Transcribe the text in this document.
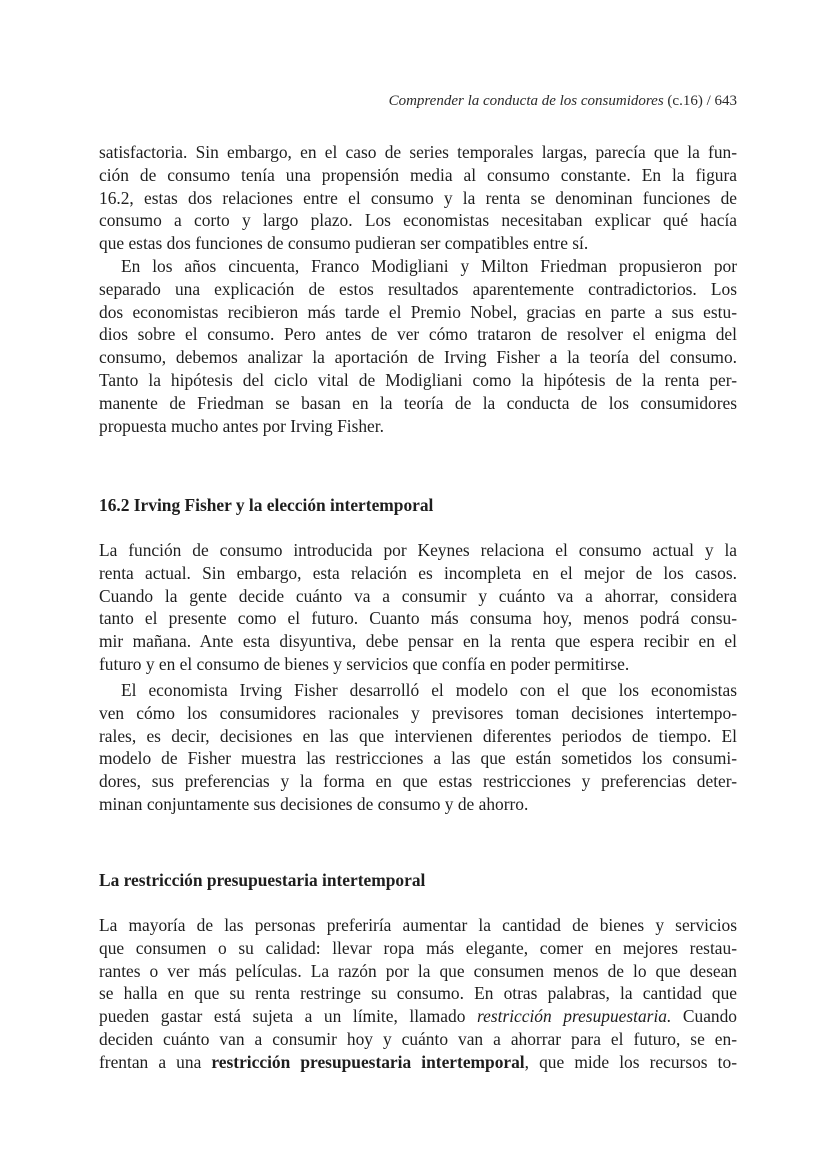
Comprender la conducta de los consumidores (c.16) / 643
satisfactoria. Sin embargo, en el caso de series temporales largas, parecía que la fun-
ción de consumo tenía una propensión media al consumo constante. En la figura
16.2, estas dos relaciones entre el consumo y la renta se denominan funciones de
consumo a corto y largo plazo. Los economistas necesitaban explicar qué hacía
que estas dos funciones de consumo pudieran ser compatibles entre sí.
En los años cincuenta, Franco Modigliani y Milton Friedman propusieron por
separado una explicación de estos resultados aparentemente contradictorios. Los
dos economistas recibieron más tarde el Premio Nobel, gracias en parte a sus estu-
dios sobre el consumo. Pero antes de ver cómo trataron de resolver el enigma del
consumo, debemos analizar la aportación de Irving Fisher a la teoría del consumo.
Tanto la hipótesis del ciclo vital de Modigliani como la hipótesis de la renta per-
manente de Friedman se basan en la teoría de la conducta de los consumidores
propuesta mucho antes por Irving Fisher.
16.2 Irving Fisher y la elección intertemporal
La función de consumo introducida por Keynes relaciona el consumo actual y la
renta actual. Sin embargo, esta relación es incompleta en el mejor de los casos.
Cuando la gente decide cuánto va a consumir y cuánto va a ahorrar, considera
tanto el presente como el futuro. Cuanto más consuma hoy, menos podrá consu-
mir mañana. Ante esta disyuntiva, debe pensar en la renta que espera recibir en el
futuro y en el consumo de bienes y servicios que confía en poder permitirse.
El economista Irving Fisher desarrolló el modelo con el que los economistas
ven cómo los consumidores racionales y previsores toman decisiones intertempo-
rales, es decir, decisiones en las que intervienen diferentes periodos de tiempo. El
modelo de Fisher muestra las restricciones a las que están sometidos los consumi-
dores, sus preferencias y la forma en que estas restricciones y preferencias deter-
minan conjuntamente sus decisiones de consumo y de ahorro.
La restricción presupuestaria intertemporal
La mayoría de las personas preferiría aumentar la cantidad de bienes y servicios
que consumen o su calidad: llevar ropa más elegante, comer en mejores restau-
rantes o ver más películas. La razón por la que consumen menos de lo que desean
se halla en que su renta restringe su consumo. En otras palabras, la cantidad que
pueden gastar está sujeta a un límite, llamado restricción presupuestaria. Cuando
deciden cuánto van a consumir hoy y cuánto van a ahorrar para el futuro, se en-
frentan a una restricción presupuestaria intertemporal, que mide los recursos to-
